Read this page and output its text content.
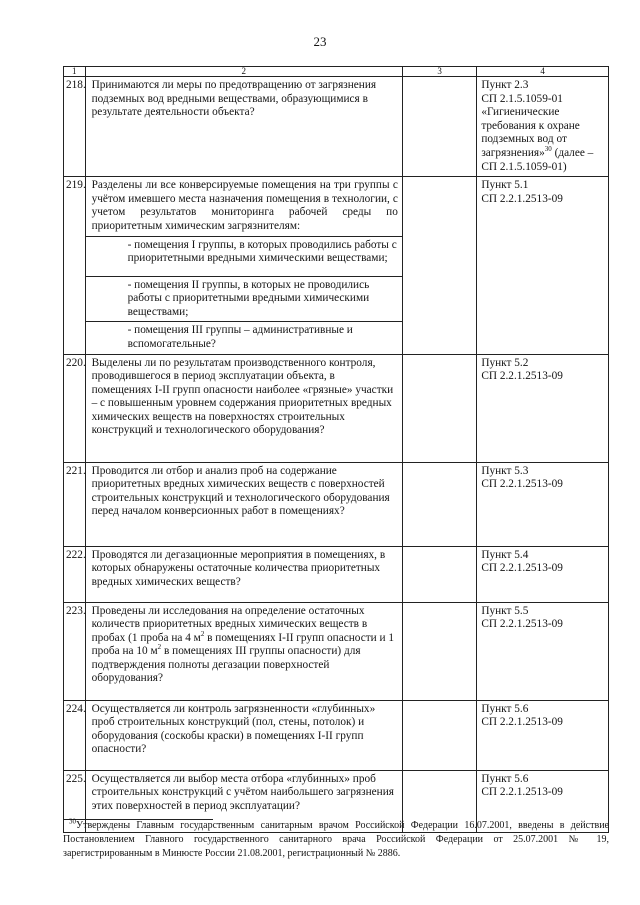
23
1	2	3	4
218.	Принимаются ли меры по предотвращению от загрязнения подземных вод вредными веществами, образующимися в результате деятельности объекта?		Пункт 2.3
СП 2.1.5.1059-01
«Гигиенические требования к охране подземных вод от загрязнения»$^{30}$ (далее – СП 2.1.5.1059-01)
219.	Разделены ли все конверсируемые помещения на три группы с учётом имевшего места назначения помещения в технологии, с учетом результатов мониторинга рабочей среды по приоритетным химическим загрязнителям:		Пункт 5.1
СП 2.2.1.2513-09

	- помещения I группы, в которых проводились работы с приоритетными вредными химическими веществами;		
	- помещения II группы, в которых не проводились работы с приоритетными вредными химическими веществами;		
	- помещения III группы – административные и вспомогательные?		
220.	Выделены ли по результатам производственного контроля, проводившегося в период эксплуатации объекта, в помещениях I-II групп опасности наиболее «грязные» участки – с повышенным уровнем содержания приоритетных вредных химических веществ на поверхностях строительных конструкций и технологического оборудования?		Пункт 5.2
СП 2.2.1.2513-09

221.	Проводится ли отбор и анализ проб на содержание приоритетных вредных химических веществ с поверхностей строительных конструкций и технологического оборудования перед началом конверсионных работ в помещениях?		Пункт 5.3
СП 2.2.1.2513-09

222.	Проводятся ли дегазационные мероприятия в помещениях, в которых обнаружены остаточные количества приоритетных вредных химических веществ?		Пункт 5.4
СП 2.2.1.2513-09

223.	Проведены ли исследования на определение остаточных количеств приоритетных вредных химических веществ в пробах (1 проба на 4 $м^2$ в помещениях I-II групп опасности и 1 проба на 10 $м^2$ в помещениях III группы опасности) для подтверждения полноты дегазации поверхностей оборудования?		Пункт 5.5
СП 2.2.1.2513-09

224.	Осуществляется ли контроль загрязненности «глубинных» проб строительных конструкций (пол, стены, потолок) и оборудования (соскобы краски) в помещениях I-II групп опасности?		Пункт 5.6
СП 2.2.1.2513-09

225.	Осуществляется ли выбор места отбора «глубинных» проб строительных конструкций с учётом наибольшего загрязнения этих поверхностей в период эксплуатации?		Пункт 5.6
СП 2.2.1.2513-09
$^{30}$Утверждены Главным государственным санитарным врачом Российской Федерации 16.07.2001, введены в действие Постановлением Главного государственного санитарного врача Российской Федерации от 25.07.2001 № 19, зарегистрированным в Минюсте России 21.08.2001, регистрационный № 2886.
